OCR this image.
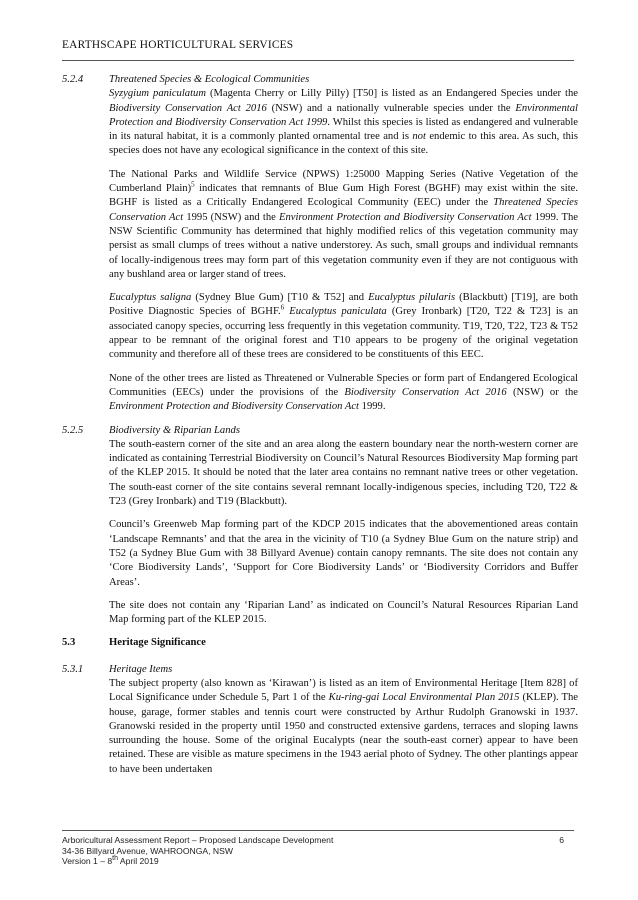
EARTHSCAPE HORTICULTURAL SERVICES
5.2.4 Threatened Species & Ecological Communities

Syzygium paniculatum (Magenta Cherry or Lilly Pilly) [T50] is listed as an Endangered Species under the Biodiversity Conservation Act 2016 (NSW) and a nationally vulnerable species under the Environmental Protection and Biodiversity Conservation Act 1999. Whilst this species is listed as endangered and vulnerable in its natural habitat, it is a commonly planted ornamental tree and is not endemic to this area. As such, this species does not have any ecological significance in the context of this site.

The National Parks and Wildlife Service (NPWS) 1:25000 Mapping Series (Native Vegetation of the Cumberland Plain)$^5$ indicates that remnants of Blue Gum High Forest (BGHF) may exist within the site. BGHF is listed as a Critically Endangered Ecological Community (EEC) under the Threatened Species Conservation Act 1995 (NSW) and the Environment Protection and Biodiversity Conservation Act 1999. The NSW Scientific Community has determined that highly modified relics of this vegetation community may persist as small clumps of trees without a native understorey. As such, small groups and individual remnants of locally-indigenous trees may form part of this vegetation community even if they are not contiguous with any bushland area or larger stand of trees.

Eucalyptus saligna (Sydney Blue Gum) [T10 & T52] and Eucalyptus pilularis (Blackbutt) [T19], are both Positive Diagnostic Species of BGHF.$^6$ Eucalyptus paniculata (Grey Ironbark) [T20, T22 & T23] is an associated canopy species, occurring less frequently in this vegetation community. T19, T20, T22, T23 & T52 appear to be remnant of the original forest and T10 appears to be progeny of the original vegetation community and therefore all of these trees are considered to be constituents of this EEC.

None of the other trees are listed as Threatened or Vulnerable Species or form part of Endangered Ecological Communities (EECs) under the provisions of the Biodiversity Conservation Act 2016 (NSW) or the Environment Protection and Biodiversity Conservation Act 1999.

5.2.5 Biodiversity & Riparian Lands

The south-eastern corner of the site and an area along the eastern boundary near the north-western corner are indicated as containing Terrestrial Biodiversity on Council’s Natural Resources Biodiversity Map forming part of the KLEP 2015. It should be noted that the later area contains no remnant native trees or other vegetation. The south-east corner of the site contains several remnant locally-indigenous species, including T20, T22 & T23 (Grey Ironbark) and T19 (Blackbutt).

Council’s Greenweb Map forming part of the KDCP 2015 indicates that the abovementioned areas contain ‘Landscape Remnants’ and that the area in the vicinity of T10 (a Sydney Blue Gum on the nature strip) and T52 (a Sydney Blue Gum with 38 Billyard Avenue) contain canopy remnants. The site does not contain any ‘Core Biodiversity Lands’, ‘Support for Core Biodiversity Lands’ or ‘Biodiversity Corridors and Buffer Areas’.

The site does not contain any ‘Riparian Land’ as indicated on Council’s Natural Resources Riparian Land Map forming part of the KLEP 2015.

5.3	Heritage Significance
5.3.1 Heritage Items

The subject property (also known as ‘Kirawan’) is listed as an item of Environmental Heritage [Item 828] of Local Significance under Schedule 5, Part 1 of the Ku-ring-gai Local Environmental Plan 2015 (KLEP). The house, garage, former stables and tennis court were constructed by Arthur Rudolph Granowski in 1937. Granowski resided in the property until 1950 and constructed extensive gardens, terraces and sloping lawns surrounding the house. Some of the original Eucalypts (near the south-east corner) appear to have been retained. These are visible as mature specimens in the 1943 aerial photo of Sydney. The other plantings appear to have been undertaken

Arboricultural Assessment Report – Proposed Landscape Development	6
34-36 Billyard Avenue, WAHROONGA, NSW
Version 1 – 8th April 2019
